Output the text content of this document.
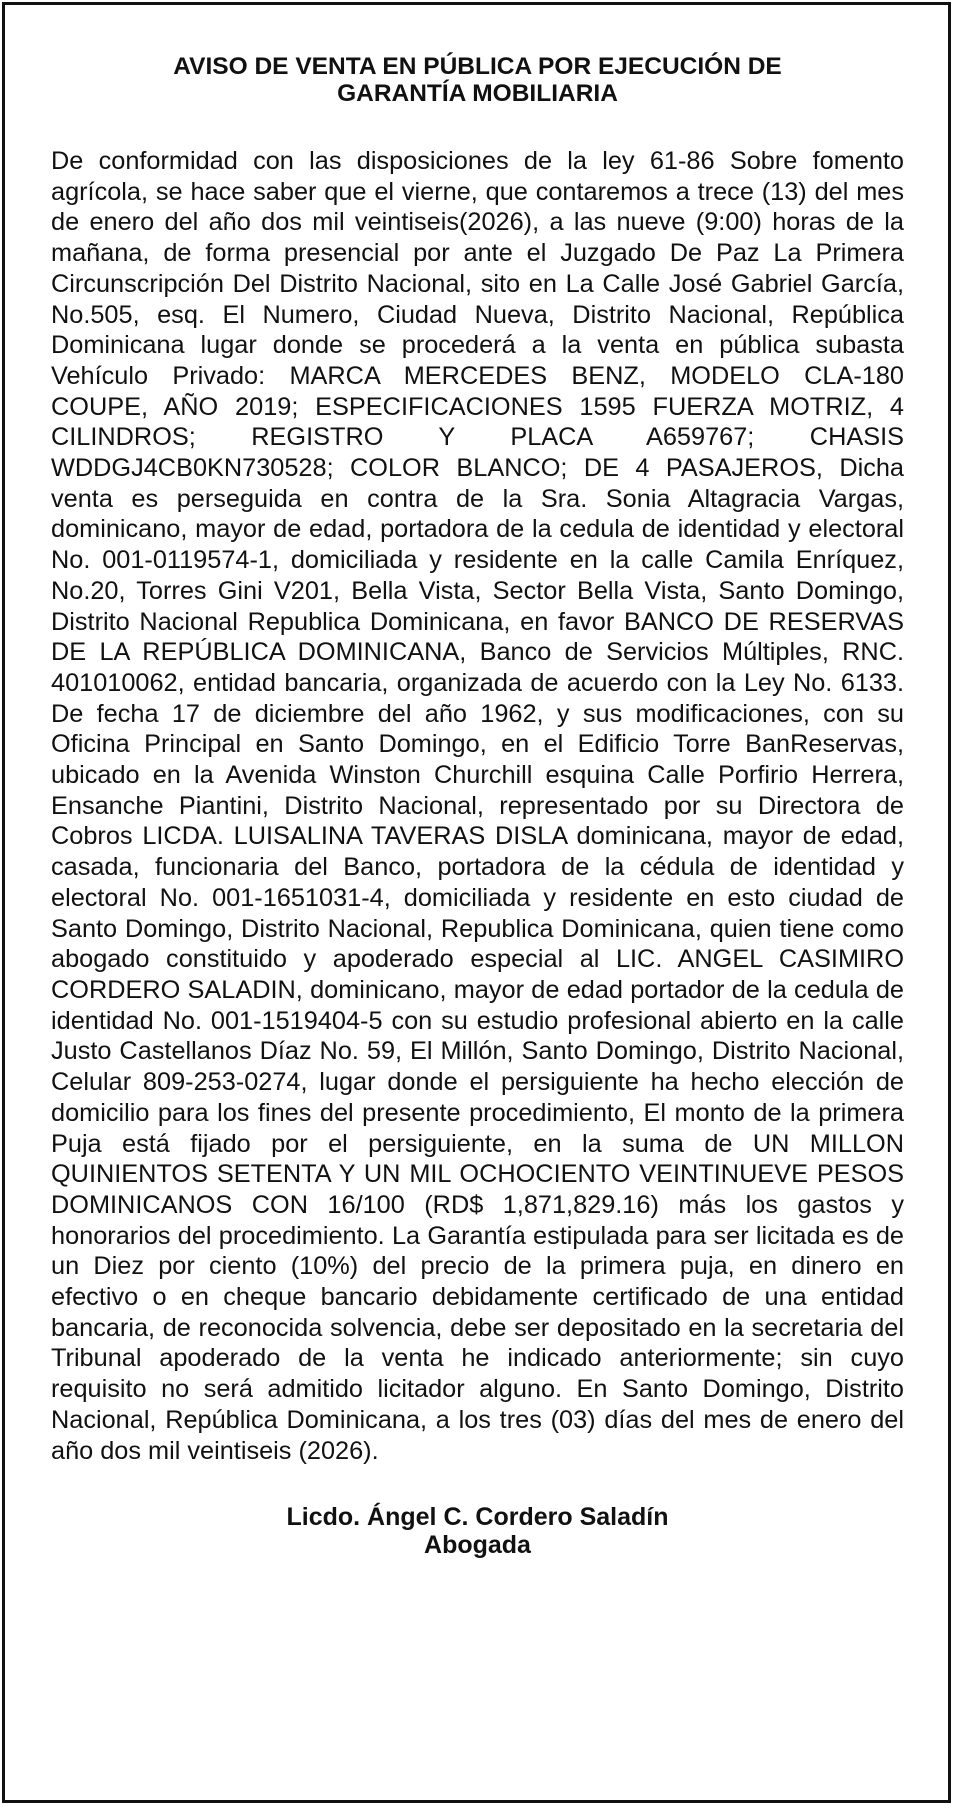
AVISO DE VENTA EN PÚBLICA POR EJECUCIÓN DE
GARANTÍA MOBILIARIA

De conformidad con las disposiciones de la ley 61-86 Sobre fomento agrícola, se hace saber que el vierne, que contaremos a trece (13) del mes de enero del año dos mil veintiseis(2026), a las nueve (9:00) horas de la mañana, de forma presencial por ante el Juzgado De Paz La Primera Circunscripción Del Distrito Nacional, sito en La Calle José Gabriel García, No.505, esq. El Numero, Ciudad Nueva, Distrito Nacional, República Dominicana lugar donde se procederá a la venta en pública subasta Vehículo Privado: MARCA MERCEDES BENZ, MODELO CLA-180 COUPE, AÑO 2019; ESPECIFICACIONES 1595 FUERZA MOTRIZ, 4 CILINDROS; REGISTRO Y PLACA A659767; CHASIS WDDGJ4CB0KN730528; COLOR BLANCO; DE 4 PASAJEROS, Dicha venta es perseguida en contra de la Sra. Sonia Altagracia Vargas, dominicano, mayor de edad, portadora de la cedula de identidad y electoral No. 001-0119574-1, domiciliada y residente en la calle Camila Enríquez, No.20, Torres Gini V201, Bella Vista, Sector Bella Vista, Santo Domingo, Distrito Nacional Republica Dominicana, en favor BANCO DE RESERVAS DE LA REPÚBLICA DOMINICANA, Banco de Servicios Múltiples, RNC. 401010062, entidad bancaria, organizada de acuerdo con la Ley No. 6133. De fecha 17 de diciembre del año 1962, y sus modificaciones, con su Oficina Principal en Santo Domingo, en el Edificio Torre BanReservas, ubicado en la Avenida Winston Churchill esquina Calle Porfirio Herrera, Ensanche Piantini, Distrito Nacional, representado por su Directora de Cobros LICDA. LUISALINA TAVERAS DISLA dominicana, mayor de edad, casada, funcionaria del Banco, portadora de la cédula de identidad y electoral No. 001-1651031-4, domiciliada y residente en esto ciudad de Santo Domingo, Distrito Nacional, Republica Dominicana, quien tiene como abogado constituido y apoderado especial al LIC. ANGEL CASIMIRO CORDERO SALADIN, dominicano, mayor de edad portador de la cedula de identidad No. 001-1519404-5 con su estudio profesional abierto en la calle Justo Castellanos Díaz No. 59, El Millón, Santo Domingo, Distrito Nacional, Celular 809-253-0274, lugar donde el persiguiente ha hecho elección de domicilio para los fines del presente procedimiento, El monto de la primera Puja está fijado por el persiguiente, en la suma de UN MILLON QUINIENTOS SETENTA Y UN MIL OCHOCIENTO VEINTINUEVE PESOS DOMINICANOS CON 16/100 (RD$ 1,871,829.16) más los gastos y honorarios del procedimiento. La Garantía estipulada para ser licitada es de un Diez por ciento (10%) del precio de la primera puja, en dinero en efectivo o en cheque bancario debidamente certificado de una entidad bancaria, de reconocida solvencia, debe ser depositado en la secretaria del Tribunal apoderado de la venta he indicado anteriormente; sin cuyo requisito no será admitido licitador alguno. En Santo Domingo, Distrito Nacional, República Dominicana, a los tres (03) días del mes de enero del año dos mil veintiseis (2026).

Licdo. Ángel C. Cordero Saladín
Abogada
